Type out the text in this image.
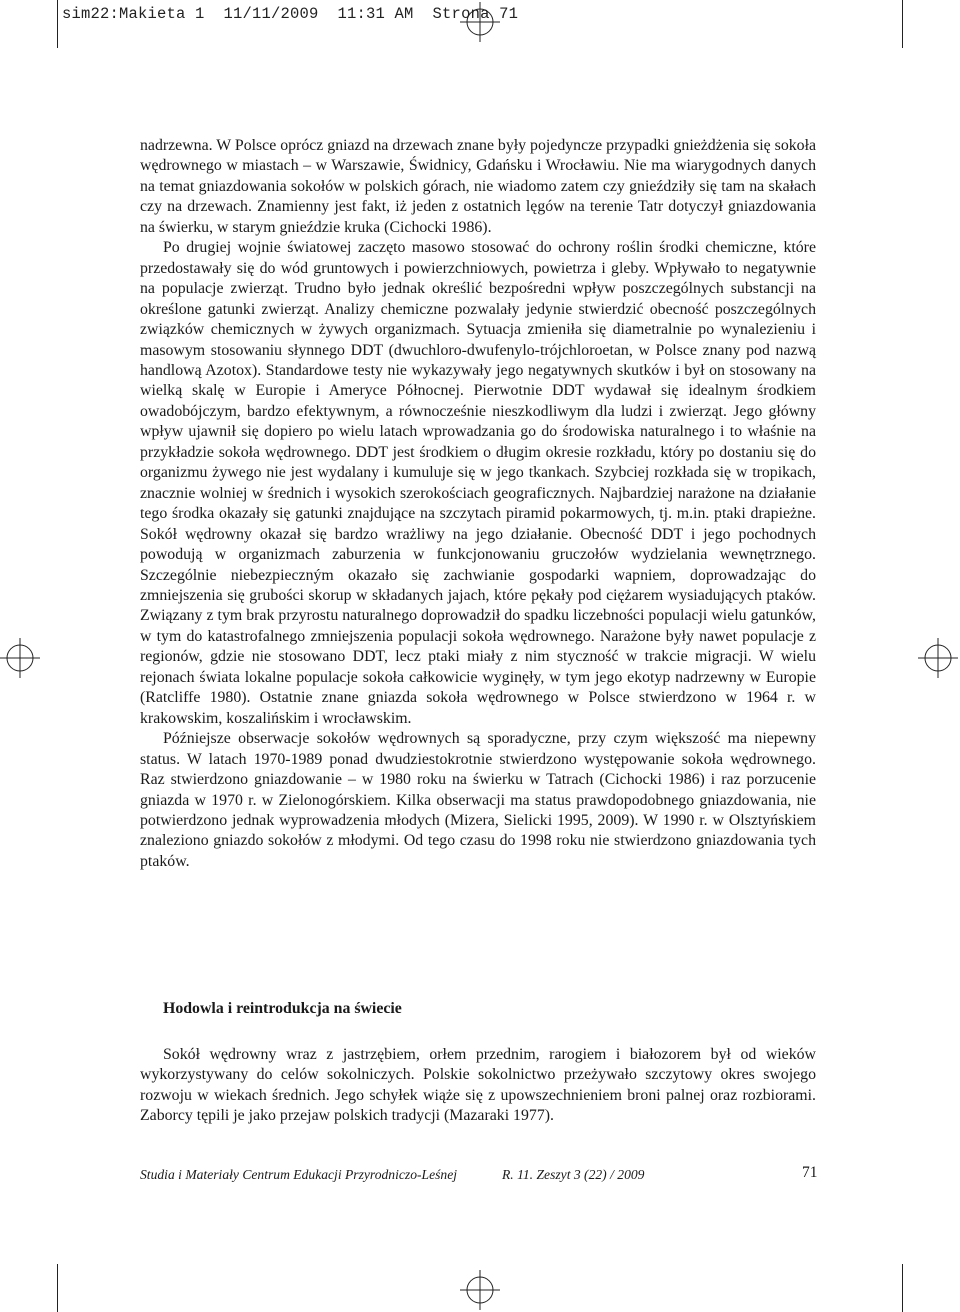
sim22:Makieta 1  11/11/2009  11:31 AM  Strona 71

nadrzewna. W Polsce oprócz gniazd na drzewach znane były pojedyncze przypadki gnieżdżenia się sokoła wędrownego w miastach – w Warszawie, Świdnicy, Gdańsku i Wrocławiu. Nie ma wiarygodnych danych na temat gniazdowania sokołów w polskich górach, nie wiadomo zatem czy gnieździły się tam na skałach czy na drzewach. Znamienny jest fakt, iż jeden z ostatnich lęgów na terenie Tatr dotyczył gniazdowania na świerku, w starym gnieździe kruka (Cichocki 1986).

Po drugiej wojnie światowej zaczęto masowo stosować do ochrony roślin środki chemiczne, które przedostawały się do wód gruntowych i powierzchniowych, powietrza i gleby. Wpływało to negatywnie na populacje zwierząt. Trudno było jednak określić bezpośredni wpływ poszczególnych substancji na określone gatunki zwierząt. Analizy chemiczne pozwalały jedynie stwierdzić obecność poszczególnych związków chemicznych w żywych organizmach. Sytuacja zmieniła się diametralnie po wynalezieniu i masowym stosowaniu słynnego DDT (dwuchloro-dwufenylo-trójchloroetan, w Polsce znany pod nazwą handlową Azotox). Standardowe testy nie wykazywały jego negatywnych skutków i był on stosowany na wielką skalę w Europie i Ameryce Północnej. Pierwotnie DDT wydawał się idealnym środkiem owadobójczym, bardzo efektywnym, a równocześnie nieszkodliwym dla ludzi i zwierząt. Jego główny wpływ ujawnił się dopiero po wielu latach wprowadzania go do środowiska naturalnego i to właśnie na przykładzie sokoła wędrownego. DDT jest środkiem o długim okresie rozkładu, który po dostaniu się do organizmu żywego nie jest wydalany i kumuluje się w jego tkankach. Szybciej rozkłada się w tropikach, znacznie wolniej w średnich i wysokich szerokościach geograficznych. Najbardziej narażone na działanie tego środka okazały się gatunki znajdujące na szczytach piramid pokarmowych, tj. m.in. ptaki drapieżne. Sokół wędrowny okazał się bardzo wrażliwy na jego działanie. Obecność DDT i jego pochodnych powodują w organizmach zaburzenia w funkcjonowaniu gruczołów wydzielania wewnętrznego. Szczególnie niebezpieczným okazało się zachwianie gospodarki wapniem, doprowadzając do zmniejszenia się grubości skorup w składanych jajach, które pękały pod ciężarem wysiadujących ptaków. Związany z tym brak przyrostu naturalnego doprowadził do spadku liczebności populacji wielu gatunków, w tym do katastrofalnego zmniejszenia populacji sokoła wędrownego. Narażone były nawet populacje z regionów, gdzie nie stosowano DDT, lecz ptaki miały z nim styczność w trakcie migracji. W wielu rejonach świata lokalne populacje sokoła całkowicie wyginęły, w tym jego ekotyp nadrzewny w Europie (Ratcliffe 1980). Ostatnie znane gniazda sokoła wędrownego w Polsce stwierdzono w 1964 r. w krakowskim, koszalińskim i wrocławskim.

Późniejsze obserwacje sokołów wędrownych są sporadyczne, przy czym większość ma niepewny status. W latach 1970-1989 ponad dwudziestokrotnie stwierdzono występowanie sokoła wędrownego. Raz stwierdzono gniazdowanie – w 1980 roku na świerku w Tatrach (Cichocki 1986) i raz porzucenie gniazda w 1970 r. w Zielonogórskiem. Kilka obserwacji ma status prawdopodobnego gniazdowania, nie potwierdzono jednak wyprowadzenia młodych (Mizera, Sielicki 1995, 2009). W 1990 r. w Olsztyńskiem znaleziono gniazdo sokołów z młodymi. Od tego czasu do 1998 roku nie stwierdzono gniazdowania tych ptaków.

Hodowla i reintrodukcja na świecie

Sokół wędrowny wraz z jastrzębiem, orłem przednim, rarogiem i białozorem był od wieków wykorzystywany do celów sokolniczych. Polskie sokolnictwo przeżywało szczytowy okres swojego rozwoju w wiekach średnich. Jego schyłek wiąże się z upowszechnieniem broni palnej oraz rozbiorami. Zaborcy tępili je jako przejaw polskich tradycji (Mazaraki 1977).

Studia i Materiały Centrum Edukacji Przyrodniczo-Leśnej	R. 11. Zeszyt 3 (22) / 2009	71
